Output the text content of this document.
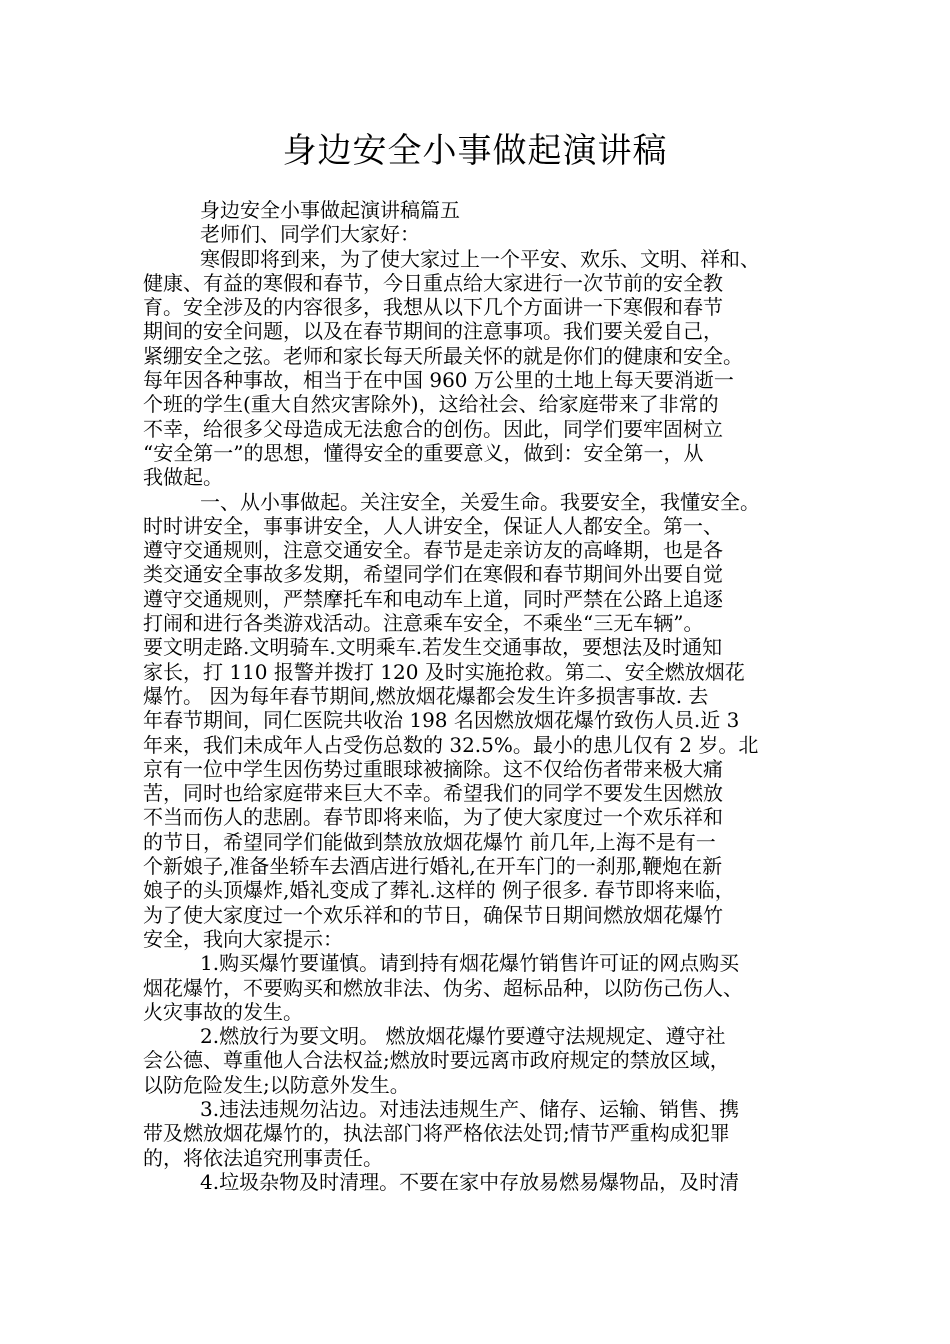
身边安全小事做起演讲稿
身边安全小事做起演讲稿篇五
老师们、同学们大家好：
寒假即将到来，为了使大家过上一个平安、欢乐、文明、祥和、
健康、有益的寒假和春节，今日重点给大家进行一次节前的安全教
育。安全涉及的内容很多，我想从以下几个方面讲一下寒假和春节
期间的安全问题，以及在春节期间的注意事项。我们要关爱自己，
紧绷安全之弦。老师和家长每天所最关怀的就是你们的健康和安全。
每年因各种事故，相当于在中国 960 万公里的土地上每天要消逝一
个班的学生(重大自然灾害除外)，这给社会、给家庭带来了非常的
不幸，给很多父母造成无法愈合的创伤。因此，同学们要牢固树立
“安全第一”的思想，懂得安全的重要意义，做到：安全第一，从
我做起。
一、从小事做起。关注安全，关爱生命。我要安全，我懂安全。
时时讲安全，事事讲安全，人人讲安全，保证人人都安全。第一、
遵守交通规则，注意交通安全。春节是走亲访友的高峰期，也是各
类交通安全事故多发期，希望同学们在寒假和春节期间外出要自觉
遵守交通规则，严禁摩托车和电动车上道，同时严禁在公路上追逐
打闹和进行各类游戏活动。注意乘车安全，不乘坐“三无车辆”。
要文明走路.文明骑车.文明乘车.若发生交通事故，要想法及时通知
家长，打 110 报警并拨打 120 及时实施抢救。第二、安全燃放烟花
爆竹。 因为每年春节期间,燃放烟花爆都会发生许多损害事故. 去
年春节期间，同仁医院共收治 198 名因燃放烟花爆竹致伤人员.近 3
年来，我们未成年人占受伤总数的 32.5%。最小的患儿仅有 2 岁。北
京有一位中学生因伤势过重眼球被摘除。这不仅给伤者带来极大痛
苦，同时也给家庭带来巨大不幸。希望我们的同学不要发生因燃放
不当而伤人的悲剧。春节即将来临，为了使大家度过一个欢乐祥和
的节日，希望同学们能做到禁放放烟花爆竹 前几年,上海不是有一
个新娘子,准备坐轿车去酒店进行婚礼,在开车门的一刹那,鞭炮在新
娘子的头顶爆炸,婚礼变成了葬礼.这样的 例子很多. 春节即将来临，
为了使大家度过一个欢乐祥和的节日，确保节日期间燃放烟花爆竹
安全，我向大家提示：
1.购买爆竹要谨慎。请到持有烟花爆竹销售许可证的网点购买
烟花爆竹，不要购买和燃放非法、伪劣、超标品种，以防伤己伤人、
火灾事故的发生。
2.燃放行为要文明。 燃放烟花爆竹要遵守法规规定、遵守社
会公德、尊重他人合法权益;燃放时要远离市政府规定的禁放区域，
以防危险发生;以防意外发生。
3.违法违规勿沾边。对违法违规生产、储存、运输、销售、携
带及燃放烟花爆竹的，执法部门将严格依法处罚;情节严重构成犯罪
的，将依法追究刑事责任。
4.垃圾杂物及时清理。不要在家中存放易燃易爆物品，及时清
